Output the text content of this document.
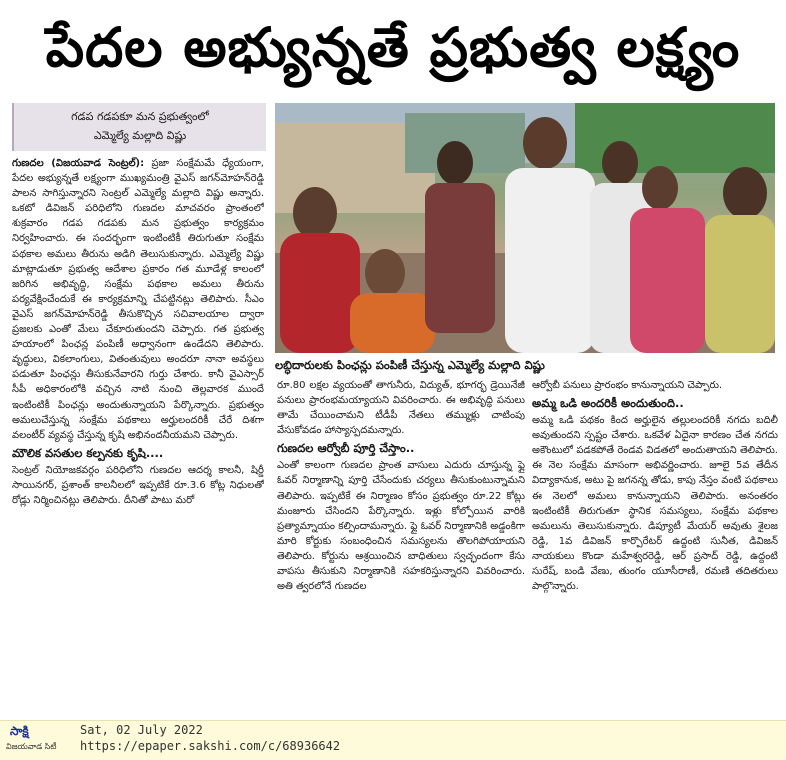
పేదల అభ్యున్నతే ప్రభుత్వ లక్ష్యం
గడప గడపకూ మన ప్రభుత్వంలో
ఎమ్మెల్యే మల్లాది విష్ణు
లబ్ధిదారులకు పింఛన్లు పంపిణీ చేస్తున్న ఎమ్మెల్యే మల్లాది విష్ణు

గుణదల (విజయవాడ సెంట్రల్): ప్రజా సంక్షేమమే ధ్యేయంగా, పేదల అభ్యున్నతే లక్ష్యంగా ముఖ్యమంత్రి వైఎస్ జగన్‌మోహన్‌రెడ్డి పాలన సాగిస్తున్నారని సెంట్రల్ ఎమ్మెల్యే మల్లాది విష్ణు అన్నారు. ఒకటో డివిజన్ పరిధిలోని గుణదల మాచవరం ప్రాంతంలో శుక్రవారం గడప గడపకు మన ప్రభుత్వం కార్యక్రమం నిర్వహించారు. ఈ సందర్భంగా ఇంటింటికీ తిరుగుతూ సంక్షేమ పథకాల అమలు తీరును అడిగి తెలుసుకున్నారు. ఎమ్మెల్యే విష్ణు మాట్లాడుతూ ప్రభుత్వ ఆదేశాల ప్రకారం గత మూడేళ్ల కాలంలో జరిగిన అభివృద్ధి, సంక్షేమ పథకాల అమలు తీరును పర్యవేక్షించేందుకే ఈ కార్యక్రమాన్ని చేపట్టినట్లు తెలిపారు. సీఎం వైఎస్ జగన్‌మోహన్‌రెడ్డి తీసుకొచ్చిన సచివాలయాల ద్వారా ప్రజలకు ఎంతో మేలు చేకూరుతుందని చెప్పారు. గత ప్రభుత్వ హయాంలో పింఛన్ల పంపిణీ అధ్వానంగా ఉండేదని తెలిపారు. వృద్ధులు, వికలాంగులు, వితంతువులు అందరూ నానా అవస్థలు పడుతూ పింఛన్లు తీసుకునేవారని గుర్తు చేశారు. కానీ వైఎస్సార్ సీపీ అధికారంలోకి వచ్చిన నాటి నుంచి తెల్లవారక ముందే ఇంటింటికీ పింఛన్లు అందుతున్నాయని పేర్కొన్నారు. ప్రభుత్వం అమలుచేస్తున్న సంక్షేమ పథకాలు అర్హులందరికీ చేరే దిశగా వలంటీర్ వ్యవస్థ చేస్తున్న కృషి అభినందనీయమని చెప్పారు.

మౌలిక వసతుల కల్పనకు కృషి....

సెంట్రల్ నియోజకవర్గం పరిధిలోని గుణదల ఆదర్శ కాలనీ, షిర్డీ సాయినగర్, ప్రశాంత్ కాలనీలలో ఇప్పటికే రూ.3.6 కోట్ల నిధులతో రోడ్లు నిర్మించినట్లు తెలిపారు. దీనితో పాటు మరో

రూ.80 లక్షల వ్యయంతో తాగునీరు, విద్యుత్, భూగర్భ డ్రెయినేజీ పనులు ప్రారంభమయ్యాయని వివరించారు. ఈ అభివృద్ధి పనులు తామే చేయించామని టీడీపీ నేతలు తమ్ముళ్లు చాటింపు వేసుకోవడం హాస్యాస్పదమన్నారు.

గుణదల ఆర్వోబీ పూర్తి చేస్తాం..

ఎంతో కాలంగా గుణదల ప్రాంత వాసులు ఎదురు చూస్తున్న ఫ్లై ఓవర్ నిర్మాణాన్ని పూర్తి చేసేందుకు చర్యలు తీసుకుంటున్నామని తెలిపారు. ఇప్పటికే ఈ నిర్మాణం కోసం ప్రభుత్వం రూ.22 కోట్లు మంజూరు చేసిందని పేర్కొన్నారు. ఇళ్లు కోల్పోయిన వారికి ప్రత్యామ్నాయం కల్పిందామన్నారు. ఫ్లై ఓవర్ నిర్మాణానికి అడ్డంకిగా మారి కోర్టుకు సంబంధించిన సమస్యలను తొలగిపోయాయని తెలిపారు. కోర్టును ఆశ్రయించిన బాధితులు స్వచ్ఛందంగా కేసు వాపసు తీసుకుని నిర్మాణానికి సహకరిస్తున్నారని వివరించారు. అతి త్వరలోనే గుణదల

ఆర్వోబీ పనులు ప్రారంభం కానున్నాయని చెప్పారు.

అమ్మ ఒడి అందరికీ అందుతుంది..

అమ్మ ఒడి పథకం కింద అర్హులైన తల్లులందరికీ నగదు బదిలీ అవుతుందని స్పష్టం చేశారు. ఒకవేళ ఏదైనా కారణం చేత నగదు అకౌంటులో పడకపోతే రెండవ విడతలో అందుతాయని తెలిపారు. ఈ నెల సంక్షేమ మాసంగా అభివర్ణించారు. జూలై 5వ తేదీన విద్యాకానుక, అటు పై జగనన్న తోడు, కాపు నేస్తం వంటి పథకాలు ఈ నెలలో అమలు కానున్నాయని తెలిపారు. అనంతరం ఇంటింటికీ తిరుగుతూ స్థానిక సమస్యలు, సంక్షేమ పథకాల అమలును తెలుసుకున్నారు. డిప్యూటీ మేయర్ అవుతు శైలజ రెడ్డి, 1వ డివిజన్ కార్పొరేటర్ ఉద్దంటి సునీత, డివిజన్ నాయకులు కొండా మహేశ్వరరెడ్డి, ఆర్ ప్రసాద్ రెడ్డి, ఉద్దంటి సురేష్, బండి వేణు, తుంగం యూసీరాణీ, రమణి తదితరులు పాల్గొన్నారు.

సాక్షి
విజయవాడ సిటీ
Sat, 02 July 2022
https://epaper.sakshi.com/c/68936642
